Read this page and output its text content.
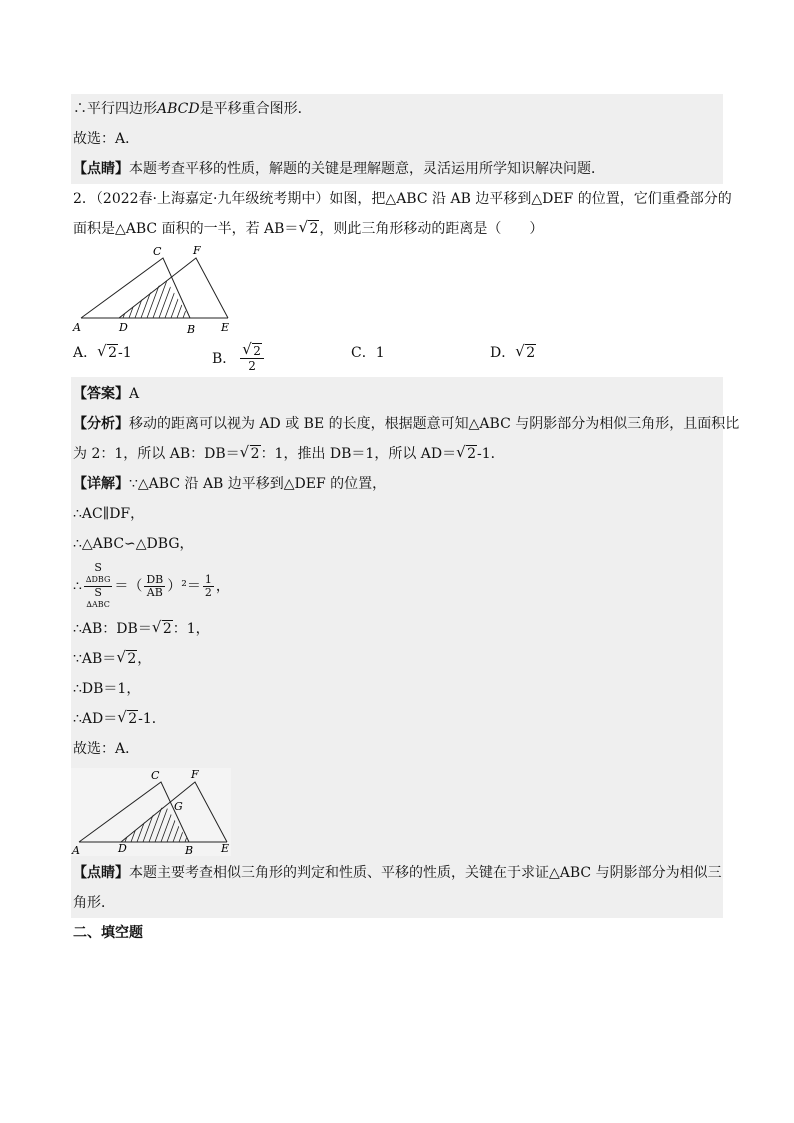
∴平行四边形ABCD是平移重合图形．
故选：A．
【点睛】本题考查平移的性质，解题的关键是理解题意，灵活运用所学知识解决问题．
2．（2022春·上海嘉定·九年级统考期中）如图，把△ABC 沿 AB 边平移到△DEF 的位置，它们重叠部分的
面积是△ABC 面积的一半，若 AB＝ √ 2，则此三角形移动的距离是（　　）
C	F
A	D	B E
A． √ 2-1	B．	√ 2
2
C．1	D． √ 2
【答案】A
【分析】移动的距离可以视为 AD 或 BE 的长度，根据题意可知△ABC 与阴影部分为相似三角形，且面积比
为 2：1，所以 AB：DB＝ √ 2：1，推出 DB＝1，所以 AD＝ √ 2-1．
【详解】∵△ABC 沿 AB 边平移到△DEF 的位置，
∴AC∥DF，
∴△ABC∽△DBG，
∴ S
∆DBG
S
∆ABC ＝（ $\frac{DB}{AB} )^2= \frac{1}{2}$ ，
∴AB：DB＝ √ 2：1，
∵AB＝ √ 2，
∴DB＝1，
∴AD＝ √ 2-1．
故选：A．
C	F
G
A	D	B	E
【点睛】本题主要考查相似三角形的判定和性质、平移的性质，关键在于求证△ABC 与阴影部分为相似三
角形．
二、填空题
